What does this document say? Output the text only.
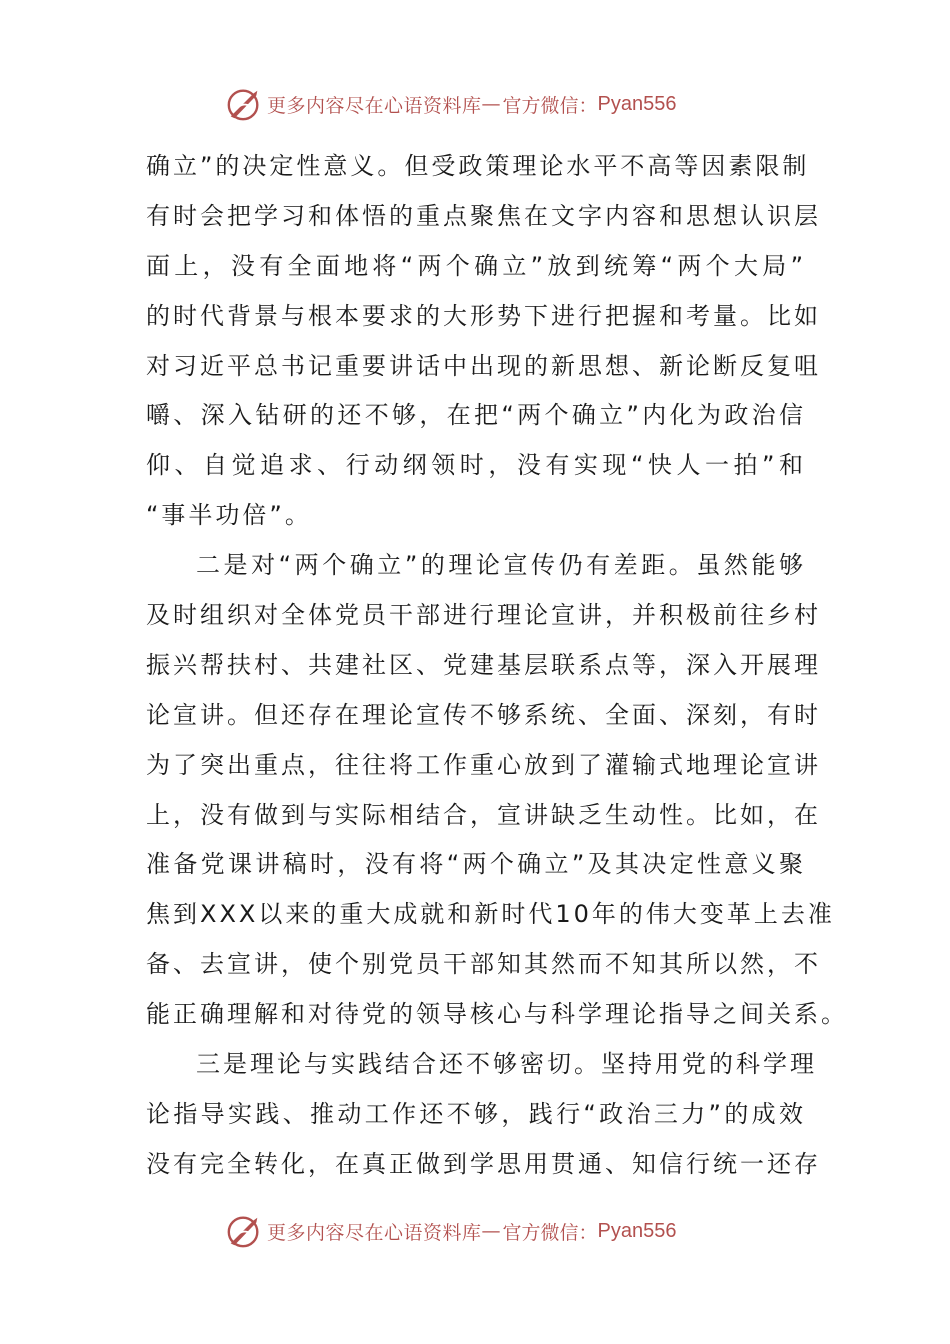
更多内容尽在心语资料库 — 官方微信： Pyan556
确立”的决定性意义。但受政策理论水平不高等因素限制
有时会把学习和体悟的重点聚焦在文字内容和思想认识层
面上，没有全面地将“两个确立”放到统筹“两个大局”
的时代背景与根本要求的大形势下进行把握和考量。比如
对习近平总书记重要讲话中出现的新思想、新论断反复咀
嚼、深入钻研的还不够，在把“两个确立”内化为政治信
仰、自觉追求、行动纲领时，没有实现“快人一拍”和
“事半功倍”。
二是对“两个确立”的理论宣传仍有差距。虽然能够
及时组织对全体党员干部进行理论宣讲，并积极前往乡村
振兴帮扶村、共建社区、党建基层联系点等，深入开展理
论宣讲。但还存在理论宣传不够系统、全面、深刻，有时
为了突出重点，往往将工作重心放到了灌输式地理论宣讲
上，没有做到与实际相结合，宣讲缺乏生动性。比如，在
准备党课讲稿时，没有将“两个确立”及其决定性意义聚
焦到XXX以来的重大成就和新时代10年的伟大变革上去准
备、去宣讲，使个别党员干部知其然而不知其所以然，不
能正确理解和对待党的领导核心与科学理论指导之间关系。
三是理论与实践结合还不够密切。坚持用党的科学理
论指导实践、推动工作还不够，践行“政治三力”的成效
没有完全转化，在真正做到学思用贯通、知信行统一还存
更多内容尽在心语资料库 — 官方微信： Pyan556
